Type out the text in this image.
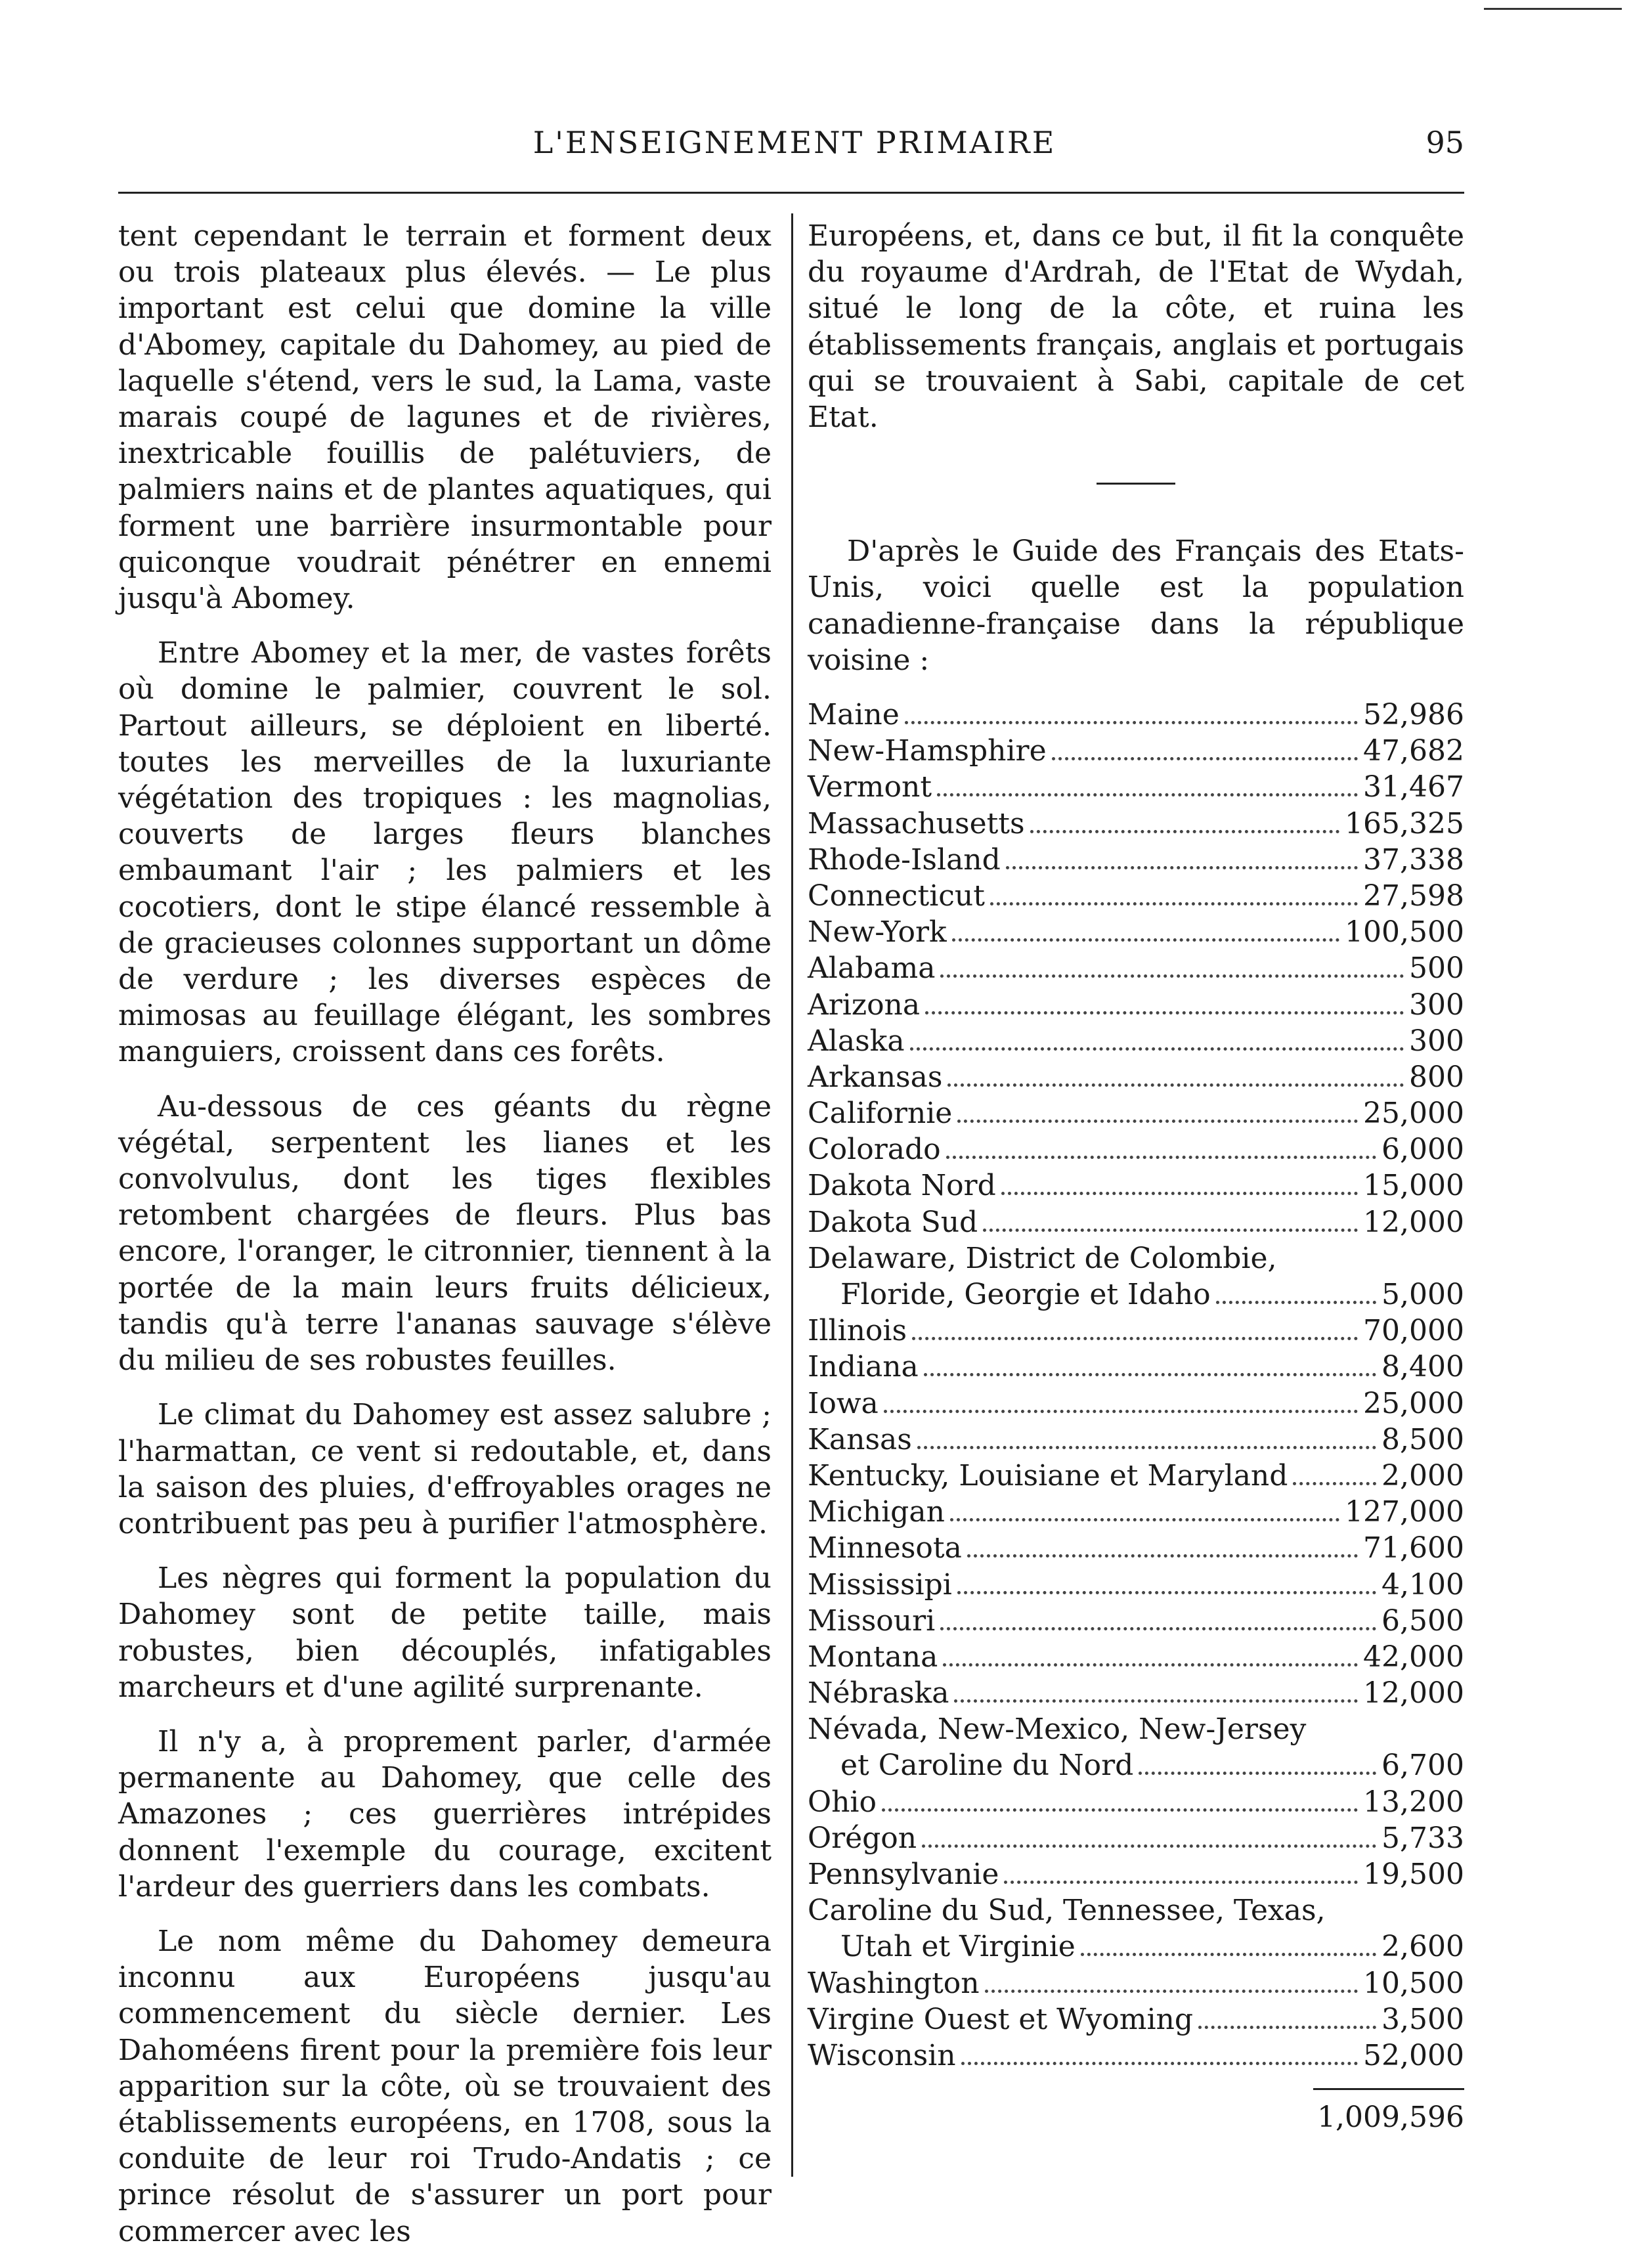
L'ENSEIGNEMENT PRIMAIRE	95

tent cependant le terrain et forment deux ou trois plateaux plus élevés. — Le plus important est celui que domine la ville d'Abomey, capitale du Dahomey, au pied de laquelle s'étend, vers le sud, la Lama, vaste marais coupé de lagunes et de rivières, inextricable fouillis de palétuviers, de palmiers nains et de plantes aquatiques, qui forment une barrière insurmontable pour quiconque voudrait pénétrer en ennemi jusqu'à Abomey.

Entre Abomey et la mer, de vastes forêts où domine le palmier, couvrent le sol. Partout ailleurs, se déploient en liberté. toutes les merveilles de la luxuriante végétation des tropiques : les magnolias, couverts de larges fleurs blanches embaumant l'air ; les palmiers et les cocotiers, dont le stipe élancé ressemble à de gracieuses colonnes supportant un dôme de verdure ; les diverses espèces de mimosas au feuillage élégant, les sombres manguiers, croissent dans ces forêts.

Au-dessous de ces géants du règne végétal, serpentent les lianes et les convolvulus, dont les tiges flexibles retombent chargées de fleurs. Plus bas encore, l'oranger, le citronnier, tiennent à la portée de la main leurs fruits délicieux, tandis qu'à terre l'ananas sauvage s'élève du milieu de ses robustes feuilles.

Le climat du Dahomey est assez salubre ; l'harmattan, ce vent si redoutable, et, dans la saison des pluies, d'effroyables orages ne contribuent pas peu à purifier l'atmosphère.

Les nègres qui forment la population du Dahomey sont de petite taille, mais robustes, bien découplés, infatigables marcheurs et d'une agilité surprenante.

Il n'y a, à proprement parler, d'armée permanente au Dahomey, que celle des Amazones ; ces guerrières intrépides donnent l'exemple du courage, excitent l'ardeur des guerriers dans les combats.

Le nom même du Dahomey demeura inconnu aux Européens jusqu'au commencement du siècle dernier. Les Dahoméens firent pour la première fois leur apparition sur la côte, où se trouvaient des établissements européens, en 1708, sous la conduite de leur roi Trudo-Andatis ; ce prince résolut de s'assurer un port pour commercer avec les

Européens, et, dans ce but, il fit la conquête du royaume d'Ardrah, de l'Etat de Wydah, situé le long de la côte, et ruina les établissements français, anglais et portugais qui se trouvaient à Sabi, capitale de cet Etat.

D'après le Guide des Français des Etats-Unis, voici quelle est la population canadienne-française dans la république voisine :

Maine	52,986
New-Hamsphire	47,682
Vermont	31,467
Massachusetts	165,325
Rhode-Island	37,338
Connecticut	27,598
New-York	100,500
Alabama	500
Arizona	300
Alaska	300
Arkansas	800
Californie	25,000
Colorado	6,000
Dakota Nord	15,000
Dakota Sud	12,000
Delaware, District de Colombie,
Floride, Georgie et Idaho	5,000
Illinois	70,000
Indiana	8,400
Iowa	25,000
Kansas	8,500
Kentucky, Louisiane et Maryland	2,000
Michigan	127,000
Minnesota	71,600
Mississipi	4,100
Missouri	6,500
Montana	42,000
Nébraska	12,000
Névada, New-Mexico, New-Jersey
et Caroline du Nord	6,700
Ohio	13,200
Orégon	5,733
Pennsylvanie	19,500
Caroline du Sud, Tennessee, Texas,
Utah et Virginie	2,600
Washington	10,500
Virgine Ouest et Wyoming	3,500
Wisconsin	52,000
1,009,596
